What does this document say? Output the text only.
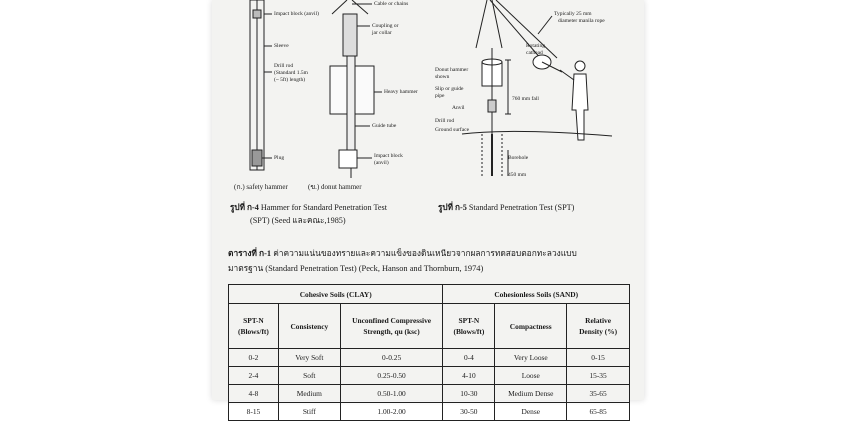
Impact block (anvil)
Sleeve
Drill rod
(Standard 1.5m
(~ 5ft) length)
Plug
Cable or chains
Coupling or
jar collar
Heavy hammer
Guide tube
Impact block
(anvil)
(ก.) safety hammer	(ข.) donut hammer
รูปที่ ก-4 Hammer for Standard Penetration Test
(SPT) (Seed และคณะ,1985)
Typically 25 mm
diameter manila rope
Rotating
cathead
Donut hammer
shown
Slip or guide
pipe	760 mm fall
Anvil
Drill rod
Ground surface
Borehole
450 mm
รูปที่ ก-5 Standard Penetration Test (SPT)
ตารางที่ ก-1 ค่าความแน่นของทรายและความแข็งของดินเหนียวจากผลการทดสอบตอกทะลวงแบบ
มาตรฐาน (Standard Penetration Test) (Peck, Hanson and Thornburn, 1974)
Cohesive Soils (CLAY)			Cohesionless Soils (SAND)		
SPT-N
(Blows/ft)	Consistency	Unconfined Compressive
Strength, qu (ksc)	SPT-N
(Blows/ft)	Compactness	Relative
Density (%)
0-2	Very Soft	0-0.25	0-4	Very Loose	0-15
2-4	Soft	0.25-0.50	4-10	Loose	15-35
4-8	Medium	0.50-1.00	10-30	Medium Dense	35-65
8-15	Stiff	1.00-2.00	30-50	Dense	65-85
